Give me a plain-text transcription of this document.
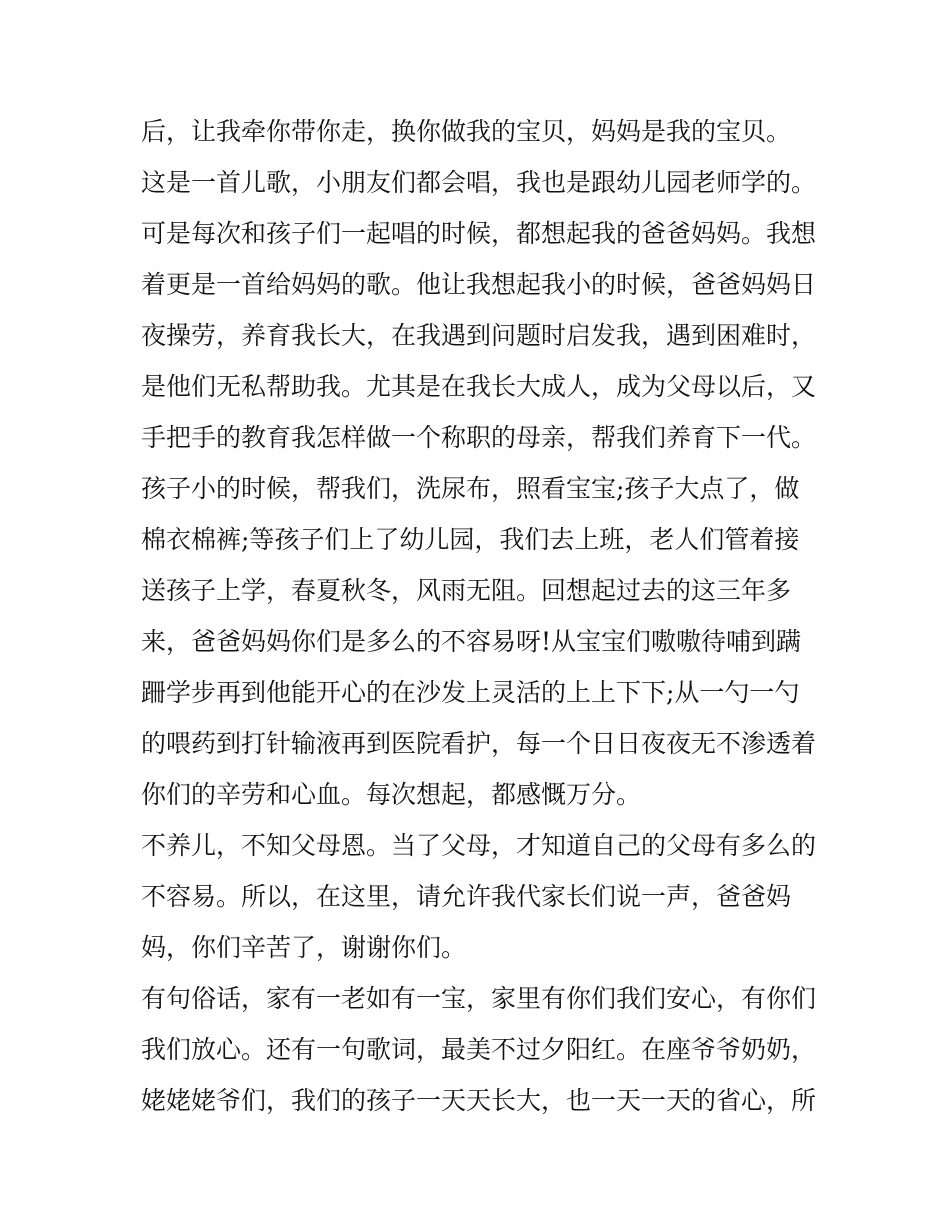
后，让我牵你带你走，换你做我的宝贝，妈妈是我的宝贝。
这是一首儿歌，小朋友们都会唱，我也是跟幼儿园老师学的。
可是每次和孩子们一起唱的时候，都想起我的爸爸妈妈。我想
着更是一首给妈妈的歌。他让我想起我小的时候，爸爸妈妈日
夜操劳，养育我长大，在我遇到问题时启发我，遇到困难时，
是他们无私帮助我。尤其是在我长大成人，成为父母以后，又
手把手的教育我怎样做一个称职的母亲，帮我们养育下一代。
孩子小的时候，帮我们，洗尿布，照看宝宝;孩子大点了，做
棉衣棉裤;等孩子们上了幼儿园，我们去上班，老人们管着接
送孩子上学，春夏秋冬，风雨无阻。回想起过去的这三年多
来，爸爸妈妈你们是多么的不容易呀!从宝宝们嗷嗷待哺到蹒
跚学步再到他能开心的在沙发上灵活的上上下下;从一勺一勺
的喂药到打针输液再到医院看护，每一个日日夜夜无不渗透着
你们的辛劳和心血。每次想起，都感慨万分。
不养儿，不知父母恩。当了父母，才知道自己的父母有多么的
不容易。所以，在这里，请允许我代家长们说一声，爸爸妈
妈，你们辛苦了，谢谢你们。
有句俗话，家有一老如有一宝，家里有你们我们安心，有你们
我们放心。还有一句歌词，最美不过夕阳红。在座爷爷奶奶，
姥姥姥爷们，我们的孩子一天天长大，也一天一天的省心，所
